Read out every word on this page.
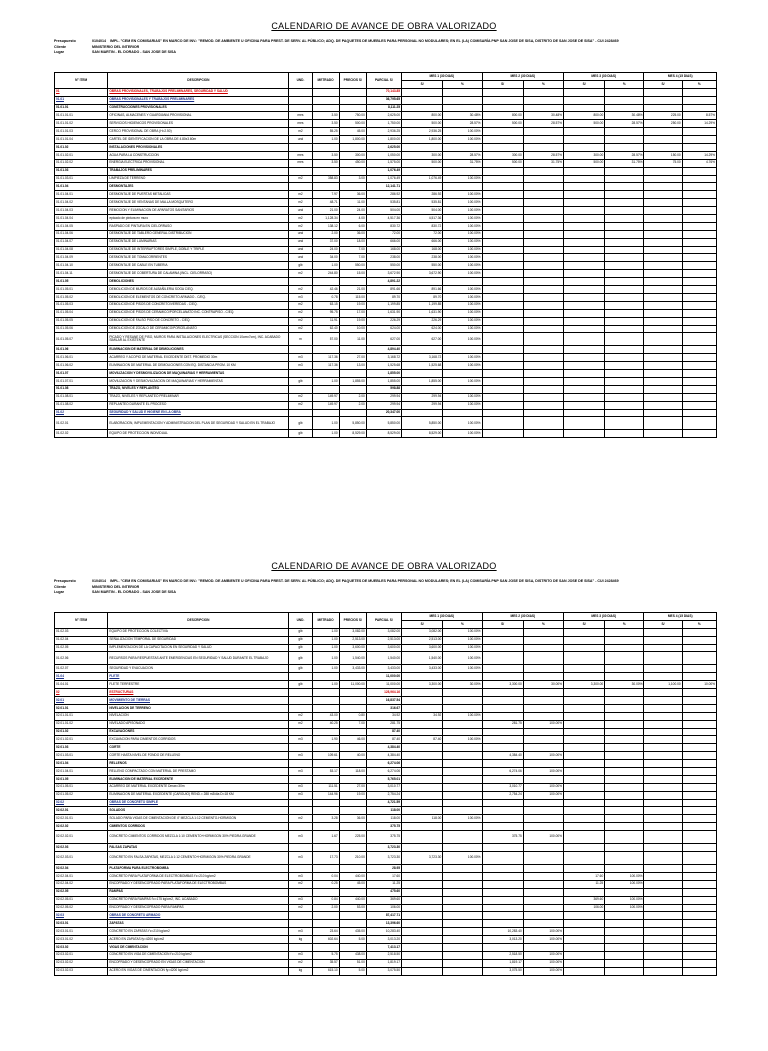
CALENDARIO DE AVANCE DE OBRA VALORIZADO
Presupuesto	0104014	IMPL. "CEM EN COMISARIAS" EN MARCO DE INV.: "REMOD. DE AMBIENTE U OFICINA PARA PREST. DE SERV. AL PÚBLICO; ADQ. DE PAQUETES DE MUEBLES PARA PERSONAL NO MODULARES; EN EL (LA) COMISARÍA PNP SAN JOSE DE SISA, DISTRITO DE SAN JOSE DE SISA" - CUI 2428469
Cliente	MINISTERIO DEL INTERIOR
Lugar	SAN MARTIN - EL DORADO - SAN JOSE DE SISA
N° ITEM	DESCRIPCION	UND.	METRADO	PRECIOS S/	PARCIAL S/	MES 1 (30 DIAS)		MES 2 (30 DIAS)		MES 3 (30 DIAS)		MES 4 (15 DIAS)	
						S/	%	S/	%	S/	%	S/	%
01	OBRAS PROVISIONALES, TRABAJOS PRELIMINARES, SEGURIDAD Y SALUD				70,143.85								
01.01	OBRAS PROVISIONALES Y TRABAJOS PRELIMINARES				36,795.65								
01.01.01	CONSTRUCCIONES PROVISIONALES				8,111.25								
01.01.01.01	OFICINAS, ALMACENES Y GUARDIANIA PROVISIONAL	mes	3.50	750.00	2,625.00	800.00	30.48%	800.00	30.48%	800.00	30.48%	225.00	8.57%
01.01.01.02	SERVICIOS HIGIENICOS PROVISIONALES	mes	3.50	500.00	1,750.00	500.00	28.57%	500.00	28.57%	500.00	28.57%	250.00	14.29%
01.01.01.03	CERCO PROVISIONAL DE OBRA (H=2.50)	m2	55.25	45.00	2,936.25	2,936.25	100.00%						
01.01.01.04	CARTEL DE IDENTIFICACION DE LA OBRA DE 4.80x3.60m	und	1.00	1,800.00	1,800.00	1,800.00	100.00%						
01.01.02	INSTALACIONES PROVISIONALES				2,625.00								
01.01.02.01	AGUA PARA LA CONSTRUCCION	mes	3.50	300.00	1,050.00	300.00	28.57%	300.00	28.57%	300.00	28.57%	150.00	14.29%
01.01.02.02	ENERGIA ELECTRICA PROVISIONAL	mes	3.50	450.00	1,575.00	500.00	31.75%	500.00	31.75%	500.00	31.75%	75.00	4.76%
01.01.03	TRABAJOS PRELIMINARES				1,076.49								
01.01.03.01	LIMPIEZA DE TERRENO	m2	358.83	3.00	1,076.49	1,076.49	100.00%						
01.01.04	DESMONTAJES				12,141.71								
01.01.04.01	DESMONTAJE DE PUERTAS METALICAS	m2	7.97	36.00	286.92	286.92	100.00%						
01.01.04.02	DESMONTAJE DE VENTANAS DE MALLA MOSQUITERO	m2	48.71	11.00	535.81	535.81	100.00%						
01.01.04.03	REMOCION Y ELIMINACION DE APARATOS SANITARIOS	und	21.00	24.00	504.00	504.00	100.00%						
01.01.04.04	epicado de pintura en muro	m2	1,128.34	4.00	4,517.36	4,517.36	100.00%						
01.01.04.05	RASPADO DE PINTURA EN CIELORRASO	m2	138.12	6.00	830.72	830.72	100.00%						
01.01.04.06	DESMONTAJE DE TABLERO GENERAL DISTRIBUCION	und	2.00	36.00	72.00	72.00	100.00%						
01.01.04.07	DESMONTAJE DE LUMINARIAS	und	37.00	18.00	666.00	666.00	100.00%						
01.01.04.08	DESMONTAJE DE INTERRUPTORES SIMPLE, DOBLE Y TRIPLE	und	24.00	7.00	168.00	168.00	100.00%						
01.01.04.09	DESMONTAJE DE TOMACORRIENTES	und	34.00	7.00	238.00	238.00	100.00%						
01.01.04.10	DESMONTAJE DE CABLE EN TUBERIA	glb	1.00	550.00	550.00	550.00	100.00%						
01.01.04.11	DESMONTAJE DE COBERTURA DE CALAMINA (INCL. CIELORRASO)	m2	244.80	15.00	3,672.90	3,672.90	100.00%						
01.01.05	DEMOLICIONES				4,891.22								
01.01.05.01	DEMOLICION DE MUROS DE ALBAÑILERIA SOGA C/EQ.	m2	42.46	21.00	891.66	891.66	100.00%						
01.01.05.02	DEMOLICION DE ELEMENTOS DE CONCRETO ARMADO - C/EQ.	m3	0.78	115.00	89.70	89.70	100.00%						
01.01.05.03	DEMOLICION DE PISOS DE CONCRETO/VEREDAS - C/EQ.	m2	63.15	19.00	1,199.85	1,199.85	100.00%						
01.01.05.04	DEMOLICION DE PISOS DE CERAMICO/PORCELANATO INC. CONTRAPISO - C/EQ.	m2	95.75	17.00	1,631.90	1,631.90	100.00%						
01.01.05.05	DEMOLICION DE FALSO PISO DE CONCRETO - C/EQ.	m2	11.91	19.00	226.29	226.29	100.00%						
01.01.05.06	DEMOLICION DE ZOCALO DE CERAMICO/PORCELANATO	m2	62.40	10.00	624.00	624.00	100.00%						
01.01.05.07	PICADO Y RESANE DE PISO, MUROS PARA INSTALACIONES ELECTRICAS (SECCION 10cmx7cm), INC. ACABADO SIMILAR AL EXISTENTE	m	57.00	11.00	627.00	627.00	100.00%						
01.01.06	ELIMINACION DE MATERIAL DE DEMOLICIONES				4,894.40								
01.01.06.01	ACARREO Y ACOPIO DE MATERIAL EXCEDENTE DIST. PROMEDIO 30m	m3	117.36	27.00	3,168.72	3,168.72	100.00%						
01.01.06.02	ELIMINACION DE MATERIAL DE DEMOLICIONES CON EQ. DISTANCIA PROM. 10 KM	m3	117.36	13.00	1,525.68	1,525.68	100.00%						
01.01.07	MOVILIZACION Y DESMOVILIZACION DE MAQUINARIAS Y HERRAMIENTAS				1,855.00								
01.01.07.01	MOVILIZACION Y DESMOVILIZACION DE MAQUINARIAS Y HERRAMIENTAS	glb	1.00	1,855.00	1,855.00	1,855.00	100.00%						
01.01.08	TRAZO, NIVELES Y REPLANTEO				598.88								
01.01.08.01	TRAZO, NIVELES Y REPLANTEO PRELIMINAR	m2	149.97	2.00	299.94	299.94	100.00%						
01.01.08.02	REPLANTEO DURANTE EL PROCESO	m2	149.97	2.00	299.94	299.94	100.00%						
01.02	SEGURIDAD Y SALUD E HIGIENE EN LA OBRA				20,347.00								
01.02.01	ELABORACION, IMPLEMENTACION Y ADMINISTRACION DEL PLAN DE SEGURIDAD Y SALUD EN EL TRABAJO	glb	1.00	5,850.00	5,850.00	5,850.00	100.00%						
01.02.02	EQUIPO DE PROTECCION INDIVIDUAL	glb	1.00	8,529.00	8,529.00	8,529.00	100.00%						
CALENDARIO DE AVANCE DE OBRA VALORIZADO
Presupuesto	0104014	IMPL. "CEM EN COMISARIAS" EN MARCO DE INV.: "REMOD. DE AMBIENTE U OFICINA PARA PREST. DE SERV. AL PÚBLICO; ADQ. DE PAQUETES DE MUEBLES PARA PERSONAL NO MODULARES; EN EL (LA) COMISARÍA PNP SAN JOSE DE SISA, DISTRITO DE SAN JOSE DE SISA" - CUI 2428469
Cliente	MINISTERIO DEL INTERIOR
Lugar	SAN MARTIN - EL DORADO - SAN JOSE DE SISA
N° ITEM	DESCRIPCION	UND.	METRADO	PRECIOS S/	PARCIAL S/	MES 1 (30 DIAS)		MES 2 (30 DIAS)		MES 3 (30 DIAS)		MES 4 (15 DIAS)	
						S/	%	S/	%	S/	%	S/	%
01.02.03	EQUIPO DE PROTECCION COLECTIVA	glb	1.00	3,082.00	3,082.00	3,082.00	100.00%						
01.02.04	SEÑALIZACION TEMPORAL DE SEGURIDAD	glb	1.00	2,513.00	2,513.00	2,513.00	100.00%						
01.02.05	IMPLEMENTACION DE LA CAPACITACION EN SEGURIDAD Y SALUD	glb	1.00	3,600.00	3,600.00	3,600.00	100.00%						
01.02.06	RECURSOS PARA RESPUESTAS ANTE EMERGENCIAS EN SEGURIDAD Y SALUD DURANTE EL TRABAJO	glb	1.00	1,540.00	1,540.00	1,540.00	100.00%						
01.02.07	SEGURIDAD Y EVACUACION	glb	1.00	3,433.00	3,433.00	3,433.00	100.00%						
01.04	FLETE				11,000.00								
01.04.01	FLETE TERRESTRE	glb	1.00	11,000.00	11,000.00	3,300.00	30.00%	3,300.00	30.00%	3,300.00	30.00%	1,100.00	10.00%
02	ESTRUCTURAS				128,964.16								
02.01	MOVIMIENTO DE TIERRAS				16,837.54								
02.01.01	NIVELACION DE TERRENO				316.67								
02.01.01.01	NIVELACION	m2	43.00	0.80	34.92	34.92	100.00%						
02.01.01.02	NIVELADO APISONADO	m2	40.25	7.00	281.75			281.75	100.00%				
02.01.02	EXCAVACIONES				87.40								
02.01.02.01	EXCAVACION PARA CIMIENTOS CORRIDOS	m3	1.90	46.00	87.40	87.40	100.00%						
02.01.03	CORTE				4,384.40								
02.01.03.01	CORTE HASTA NIVEL DE FONDO DE RELLENO	m3	109.61	40.00	4,384.40			4,384.40	100.00%				
02.01.04	RELLENOS				6,274.06								
02.01.04.01	RELLENO COMPACTADO CON MATERIAL DE PRESTAMO	m3	53.17	118.00	6,274.06			6,274.06	100.00%				
02.01.05	ELIMINACION DE MATERIAL EXCEDENTE				5,765.01								
02.01.05.01	ACARREO DE MATERIAL EXCEDENTE Dmax=30m	m3	111.51	27.00	3,010.77			3,010.77	100.00%				
02.01.05.02	ELIMINACION DE MATERIAL EXCEDENTE (CARGUIO) REND.= 288 m3/dia D=18 KM	m3	144.96	19.00	2,754.24			2,754.24	100.00%				
02.02	OBRAS DE CONCRETO SIMPLE				4,721.59								
02.02.01	SOLADOS				118.00								
02.02.01.01	SOLADO PARA VIGAS DE CIMENTACION DE 4" MEZCLA 1:12 CEMENTO-HORMIGON	m2	3.28	36.00	118.00	118.00	100.00%						
02.02.02	CIMIENTOS CORRIDOS				375.75								
02.02.02.01	CONCRETO CIMIENTOS CORRIDOS MEZCLA 1:10 CEMENTO+HORMIGON 30% PIEDRA GRANDE	m3	1.67	225.00	375.75			375.75	100.00%				
02.02.03	FALSAS ZAPATAS				3,723.30								
02.02.03.01	CONCRETO EN FALSA ZAPATAS, MEZCLA 1:12 CEMENTO+HORMIGON 30% PIEDRA GRANDE	m3	17.73	210.00	3,723.30	3,723.30	100.00%						
02.02.04	PLATAFORMA PARA ELECTROBOMBA				28.95								
02.02.04.01	CONCRETO PARA PLATAFORMA DE ELECTROBOMBAS f'c=210 kg/cm2	m3	0.04	440.00	17.60					17.60	100.00%		
02.02.04.02	ENCOFRADO Y DESENCOFRADO PARA PLATAFORMA DE ELECTROBOMBAS	m2	0.25	45.00	11.25					11.25	100.00%		
02.02.05	RAMPAS				475.60								
02.02.05.01	CONCRETO PARA RAMPAS f'c=175 kg/cm2, INC. ACABADO	m3	0.84	440.00	369.60					369.60	100.00%		
02.02.05.02	ENCOFRADO Y DESENCOFRADO PARA RAMPAS	m2	2.00	53.00	106.00					106.00	100.00%		
02.03	OBRAS DE CONCRETO ARMADO				87,417.71								
02.03.01	ZAPATAS				13,396.60								
02.03.01.01	CONCRETO EN ZAPATAS f'c=210 kg/cm2	m3	23.64	435.00	10,283.40			10,283.40	100.00%				
02.03.01.02	ACERO EN ZAPATAS fy=4200 kg/cm2	kg	602.64	5.00	3,013.20			3,013.20	100.00%				
02.03.02	VIGAS DE CIMENTACION				7,413.17								
02.03.02.01	CONCRETO EN VIGA DE CIMENTACION f'c=210 kg/cm2	m3	5.75	438.00	2,518.50			2,518.50	100.00%				
02.03.02.02	ENCOFRADO Y DESENCOFRADO EN VIGAS DE CIMENTACION	m2	35.57	51.00	1,819.17			1,819.17	100.00%				
02.03.02.03	ACERO EN VIGAS DE CIMENTACION fy=4200 kg/cm2	kg	615.10	5.00	3,075.50			3,075.50	100.00%				
